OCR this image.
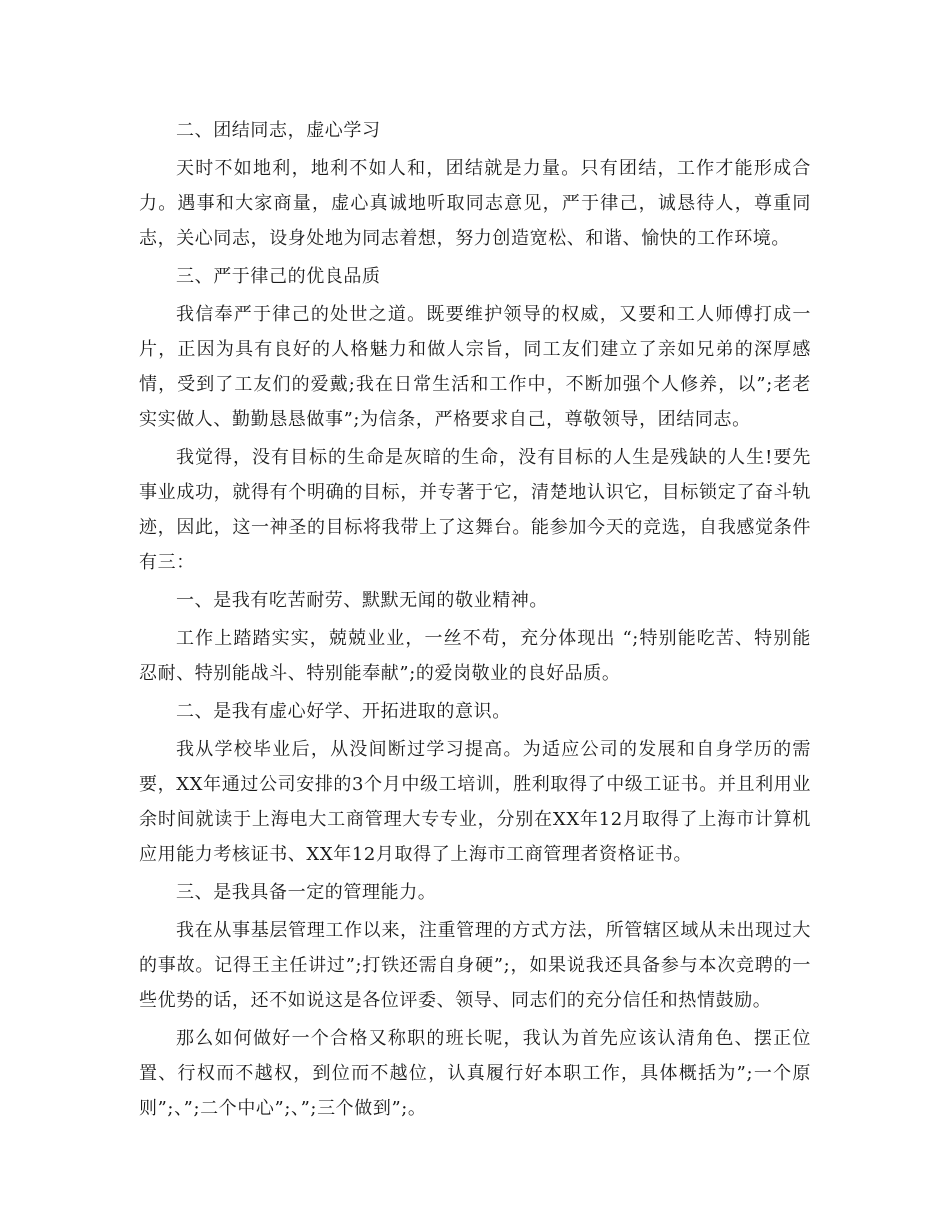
二、团结同志，虚心学习

天时不如地利，地利不如人和，团结就是力量。只有团结，工作才能形成合力。遇事和大家商量，虚心真诚地听取同志意见，严于律己，诚恳待人，尊重同志，关心同志，设身处地为同志着想，努力创造宽松、和谐、愉快的工作环境。

三、严于律己的优良品质

我信奉严于律己的处世之道。既要维护领导的权威，又要和工人师傅打成一片，正因为具有良好的人格魅力和做人宗旨，同工友们建立了亲如兄弟的深厚感情，受到了工友们的爱戴;我在日常生活和工作中，不断加强个人修养，以”;老老实实做人、勤勤恳恳做事”;为信条，严格要求自己，尊敬领导，团结同志。

我觉得，没有目标的生命是灰暗的生命，没有目标的人生是残缺的人生!要先事业成功，就得有个明确的目标，并专著于它，清楚地认识它，目标锁定了奋斗轨迹，因此，这一神圣的目标将我带上了这舞台。能参加今天的竞选，自我感觉条件有三：

一、是我有吃苦耐劳、默默无闻的敬业精神。

工作上踏踏实实，兢兢业业，一丝不苟，充分体现出 “;特别能吃苦、特别能忍耐、特别能战斗、特别能奉献”;的爱岗敬业的良好品质。

二、是我有虚心好学、开拓进取的意识。

我从学校毕业后，从没间断过学习提高。为适应公司的发展和自身学历的需要，XX年通过公司安排的3个月中级工培训，胜利取得了中级工证书。并且利用业余时间就读于上海电大工商管理大专专业，分别在XX年12月取得了上海市计算机应用能力考核证书、XX年12月取得了上海市工商管理者资格证书。

三、是我具备一定的管理能力。

我在从事基层管理工作以来，注重管理的方式方法，所管辖区域从未出现过大的事故。记得王主任讲过”;打铁还需自身硬”;，如果说我还具备参与本次竞聘的一些优势的话，还不如说这是各位评委、领导、同志们的充分信任和热情鼓励。

那么如何做好一个合格又称职的班长呢，我认为首先应该认清角色、摆正位置、行权而不越权，到位而不越位，认真履行好本职工作，具体概括为”;一个原则”;、”;二个中心”;、”;三个做到”;。
